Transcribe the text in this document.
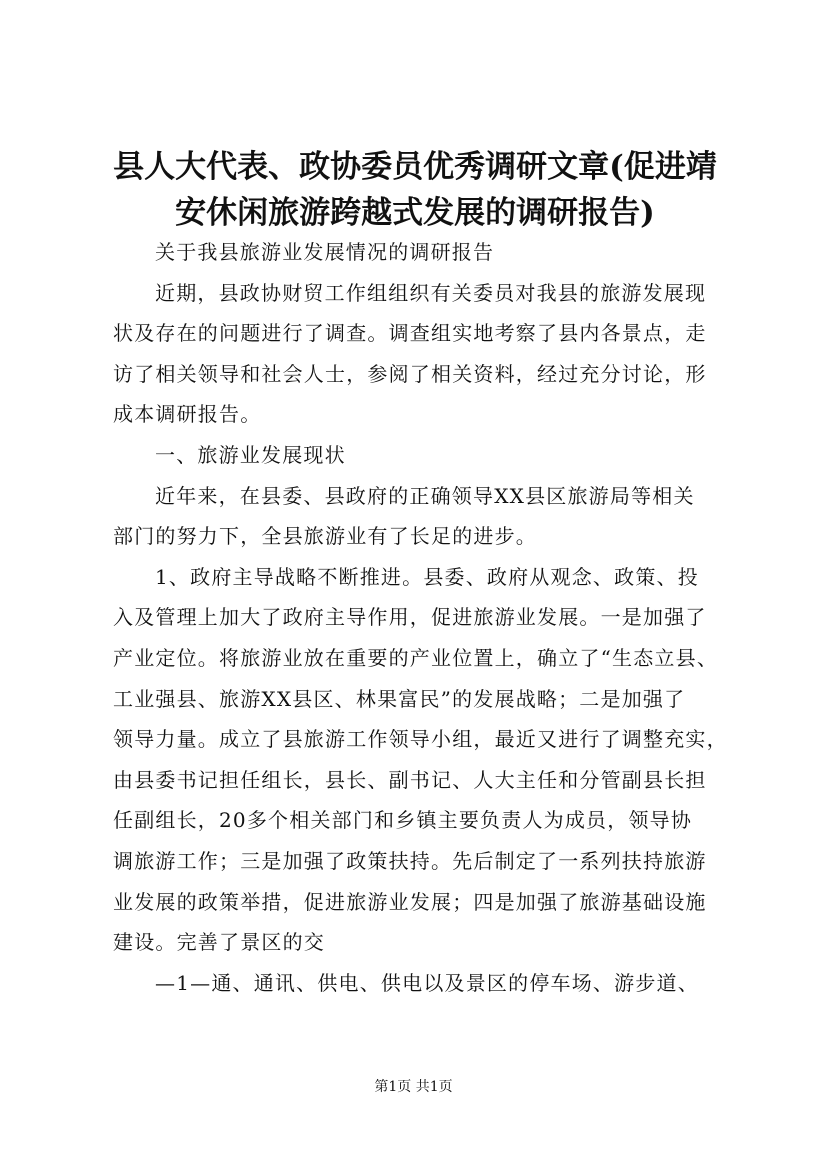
县人大代表、政协委员优秀调研文章(促进靖
安休闲旅游跨越式发展的调研报告)

关于我县旅游业发展情况的调研报告

近期，县政协财贸工作组组织有关委员对我县的旅游发展现
状及存在的问题进行了调查。调查组实地考察了县内各景点，走
访了相关领导和社会人士，参阅了相关资料，经过充分讨论，形
成本调研报告。

一、旅游业发展现状

近年来，在县委、县政府的正确领导XX县区旅游局等相关
部门的努力下，全县旅游业有了长足的进步。

1、政府主导战略不断推进。县委、政府从观念、政策、投
入及管理上加大了政府主导作用，促进旅游业发展。一是加强了
产业定位。将旅游业放在重要的产业位置上，确立了“生态立县、
工业强县、旅游XX县区、林果富民”的发展战略；二是加强了
领导力量。成立了县旅游工作领导小组，最近又进行了调整充实，
由县委书记担任组长，县长、副书记、人大主任和分管副县长担
任副组长，20多个相关部门和乡镇主要负责人为成员，领导协
调旅游工作；三是加强了政策扶持。先后制定了一系列扶持旅游
业发展的政策举措，促进旅游业发展；四是加强了旅游基础设施
建设。完善了景区的交

—1—通、通讯、供电、供电以及景区的停车场、游步道、

第1页 共1页
